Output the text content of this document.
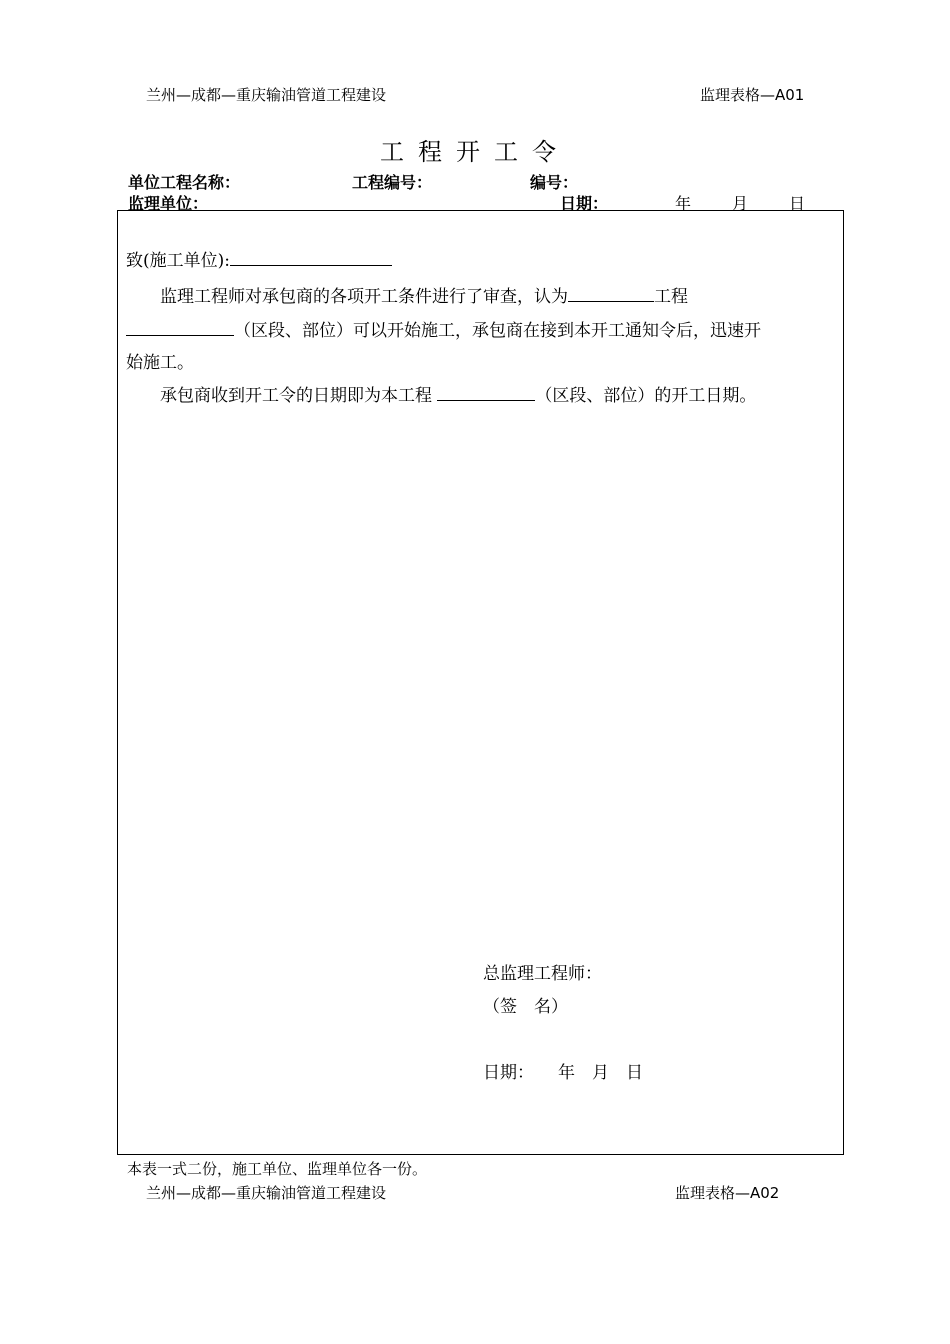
兰州—成都—重庆输油管道工程建设	监理表格—A01
工程开工令
单位工程名称：	工程编号：	编号：
监理单位：	日期：	年	月	日
致(施工单位):
监理工程师对承包商的各项开工条件进行了审查，认为	工程
（区段、部位）可以开始施工，承包商在接到本开工通知令后，迅速开
始施工。
承包商收到开工令的日期即为本工程	（区段、部位）的开工日期。
总监理工程师：
（签　名）
日期： 年　月　日
本表一式二份，施工单位、监理单位各一份。
兰州—成都—重庆输油管道工程建设	监理表格—A02
